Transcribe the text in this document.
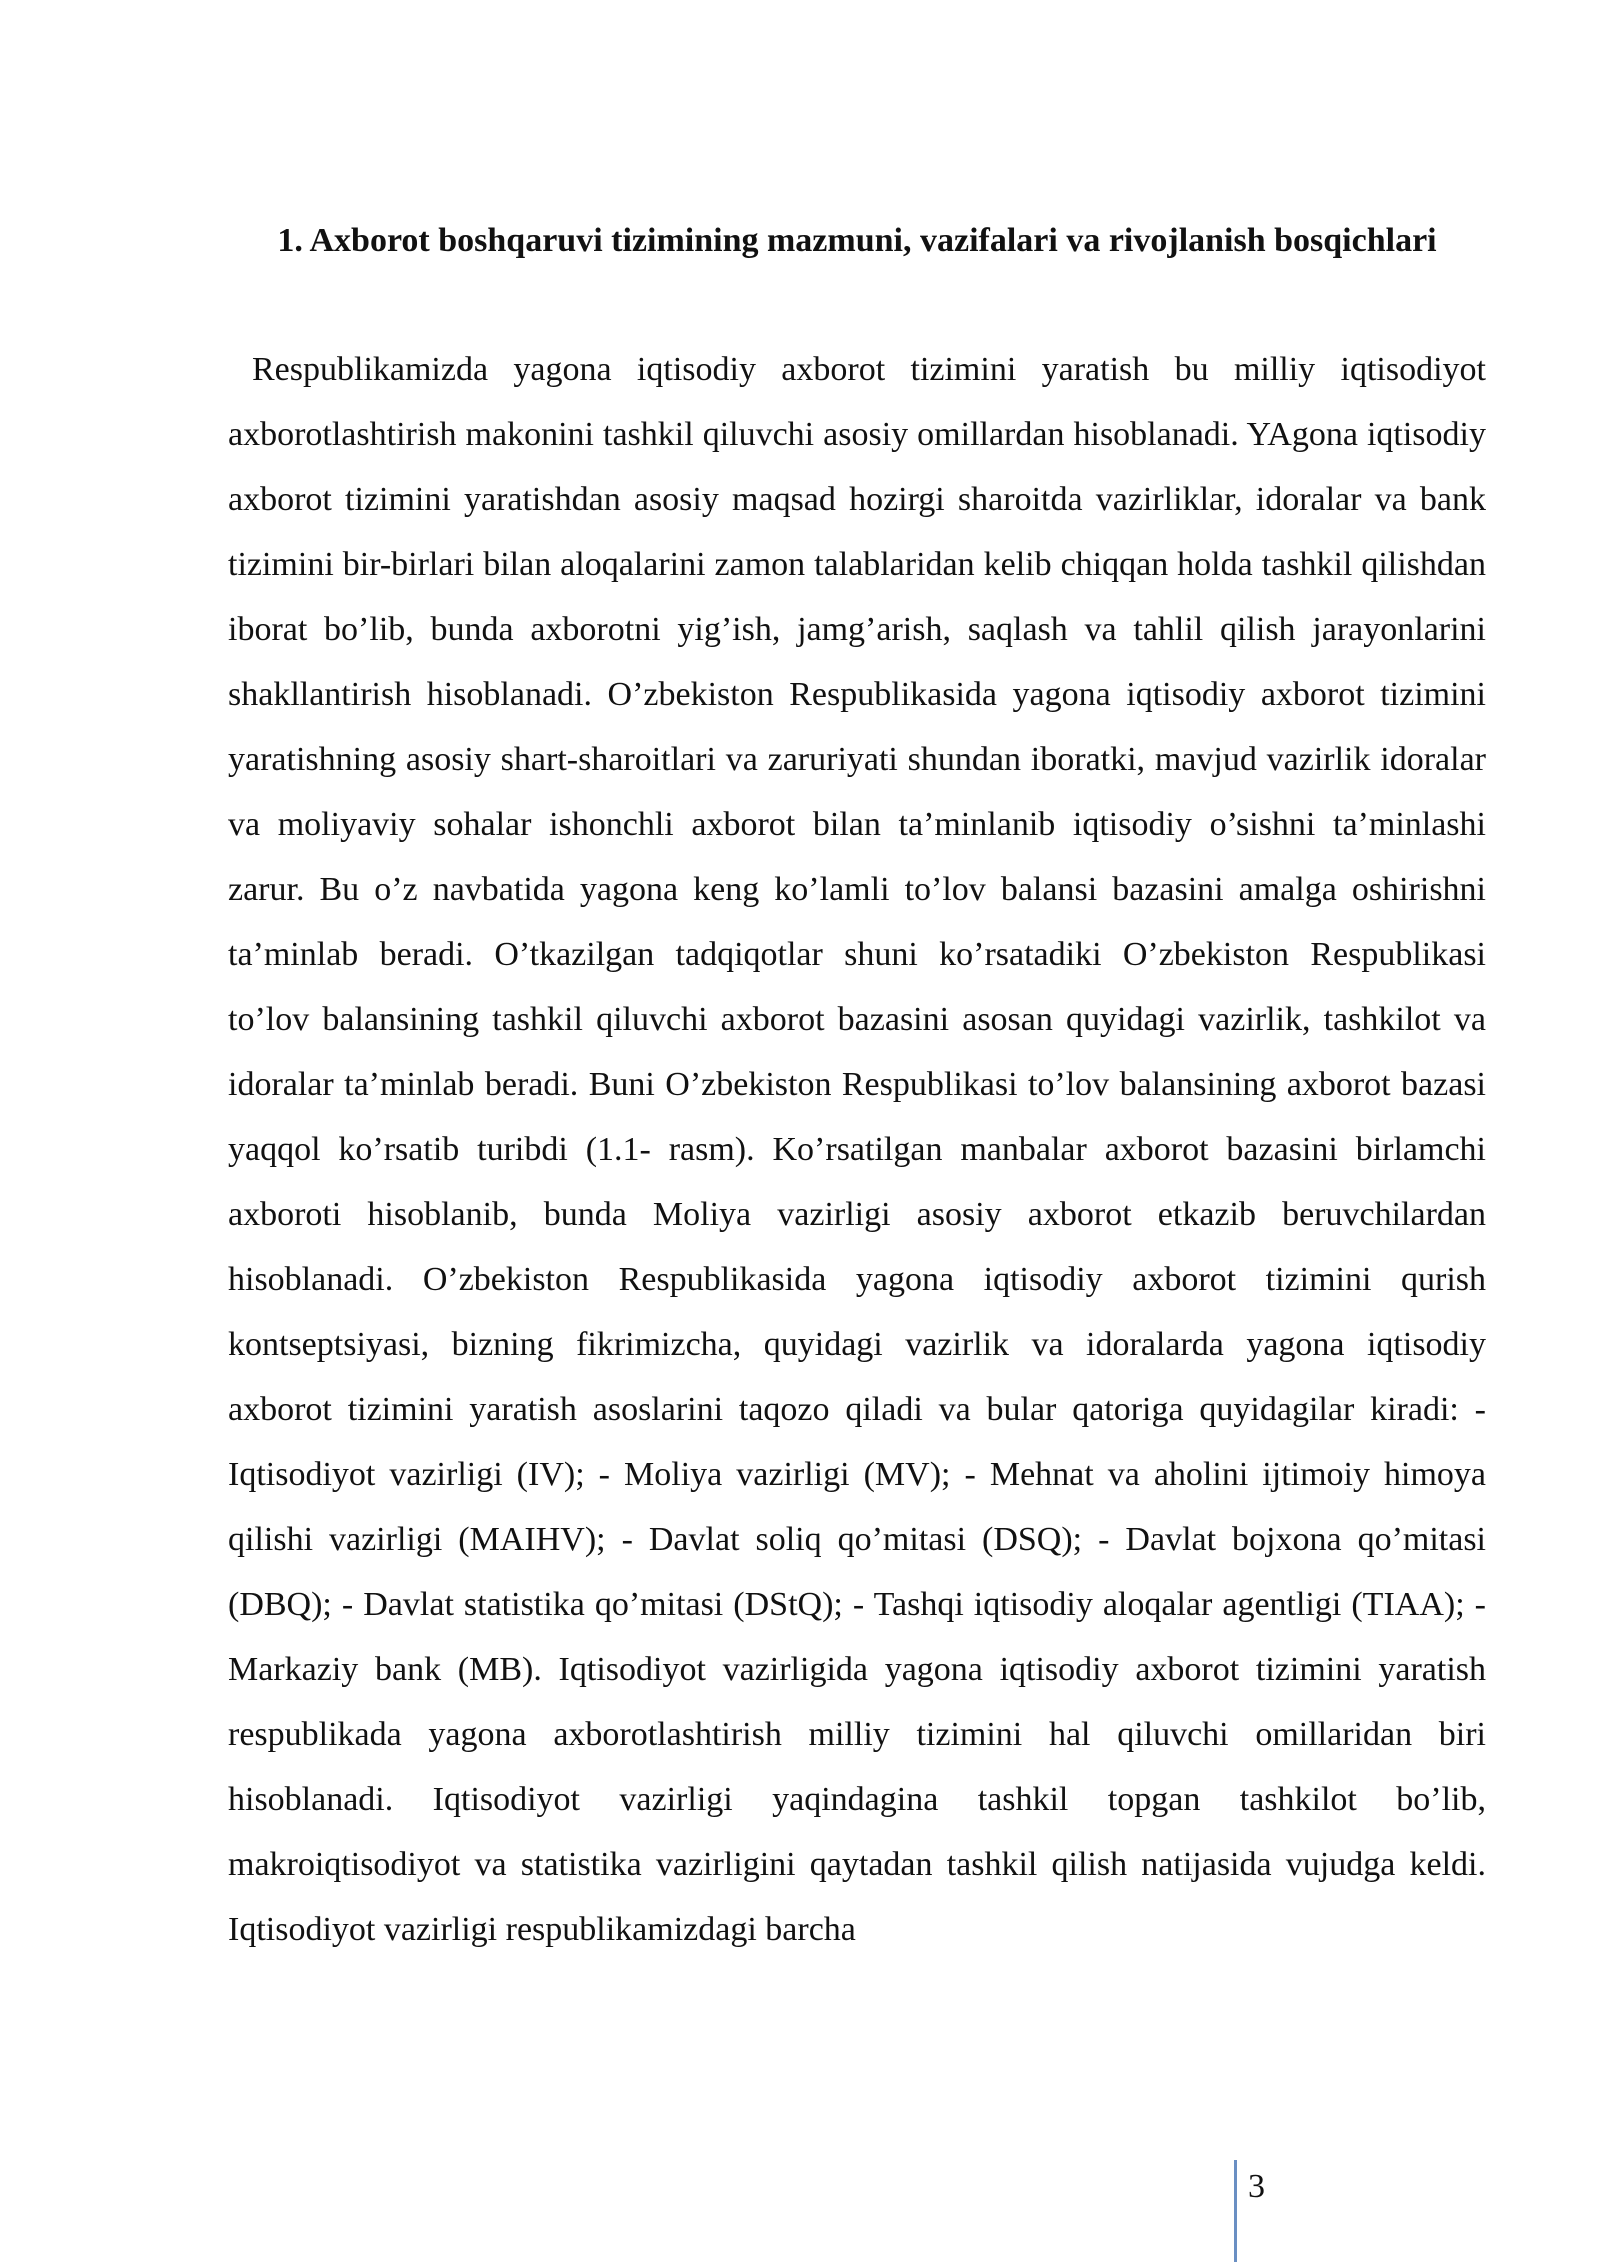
1. Axborot boshqaruvi tizimining mazmuni, vazifalari va rivojlanish bosqichlari

Respublikamizda yagona iqtisodiy axborot tizimini yaratish bu milliy iqtisodiyot axborotlashtirish makonini tashkil qiluvchi asosiy omillardan hisoblanadi. YAgona iqtisodiy axborot tizimini yaratishdan asosiy maqsad hozirgi sharoitda vazirliklar, idoralar va bank tizimini bir-birlari bilan aloqalarini zamon talablaridan kelib chiqqan holda tashkil qilishdan iborat bo’lib, bunda axborotni yig’ish, jamg’arish, saqlash va tahlil qilish jarayonlarini shakllantirish hisoblanadi. O’zbekiston Respublikasida yagona iqtisodiy axborot tizimini yaratishning asosiy shart-sharoitlari va zaruriyati shundan iboratki, mavjud vazirlik idoralar va moliyaviy sohalar ishonchli axborot bilan ta’minlanib iqtisodiy o’sishni ta’minlashi zarur. Bu o’z navbatida yagona keng ko’lamli to’lov balansi bazasini amalga oshirishni ta’minlab beradi. O’tkazilgan tadqiqotlar shuni ko’rsatadiki O’zbekiston Respublikasi to’lov balansining tashkil qiluvchi axborot bazasini asosan quyidagi vazirlik, tashkilot va idoralar ta’minlab beradi. Buni O’zbekiston Respublikasi to’lov balansining axborot bazasi yaqqol ko’rsatib turibdi (1.1- rasm). Ko’rsatilgan manbalar axborot bazasini birlamchi axboroti hisoblanib, bunda Moliya vazirligi asosiy axborot etkazib beruvchilardan hisoblanadi. O’zbekiston Respublikasida yagona iqtisodiy axborot tizimini qurish kontseptsiyasi, bizning fikrimizcha, quyidagi vazirlik va idoralarda yagona iqtisodiy axborot tizimini yaratish asoslarini taqozo qiladi va bular qatoriga quyidagilar kiradi: - Iqtisodiyot vazirligi (IV); - Moliya vazirligi (MV); - Mehnat va aholini ijtimoiy himoya qilishi vazirligi (MAIHV); - Davlat soliq qo’mitasi (DSQ); - Davlat bojxona qo’mitasi (DBQ); - Davlat statistika qo’mitasi (DStQ); - Tashqi iqtisodiy aloqalar agentligi (TIAA); - Markaziy bank (MB). Iqtisodiyot vazirligida yagona iqtisodiy axborot tizimini yaratish respublikada yagona axborotlashtirish milliy tizimini hal qiluvchi omillaridan biri hisoblanadi. Iqtisodiyot vazirligi yaqindagina tashkil topgan tashkilot bo’lib, makroiqtisodiyot va statistika vazirligini qaytadan tashkil qilish natijasida vujudga keldi. Iqtisodiyot vazirligi respublikamizdagi barcha

3
